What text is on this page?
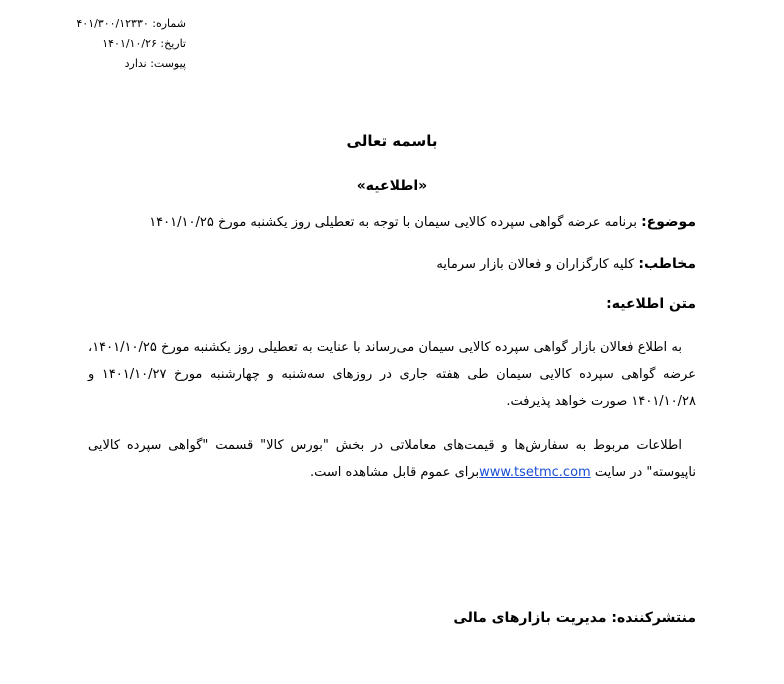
شماره: ۴۰۱/۳۰۰/۱۲۳۳۰
تاریخ: ۱۴۰۱/۱۰/۲۶
پیوست: ندارد
باسمه تعالی
«اطلاعیه»
موضوع: برنامه عرضه گواهی سپرده کالایی سیمان با توجه به تعطیلی روز یکشنبه مورخ ۱۴۰۱/۱۰/۲۵
مخاطب: کلیه کارگزاران و فعالان بازار سرمایه
متن اطلاعیه:
به اطلاع فعالان بازار گواهی سپرده کالایی سیمان می‌رساند با عنایت به تعطیلی روز یکشنبه مورخ ۱۴۰۱/۱۰/۲۵،
عرضه گواهی سپرده کالایی سیمان طی هفته جاری در روزهای سه‌شنبه و چهارشنبه مورخ ۱۴۰۱/۱۰/۲۷ و
۱۴۰۱/۱۰/۲۸ صورت خواهد پذیرفت.
اطلاعات مربوط به سفارش‌ها و قیمت‌های معاملاتی در بخش "بورس کالا" قسمت "گواهی سپرده کالایی
ناپیوسته" در سایت www.tsetmc.comبرای عموم قابل مشاهده است.
منتشرکننده: مدیریت بازارهای مالی
